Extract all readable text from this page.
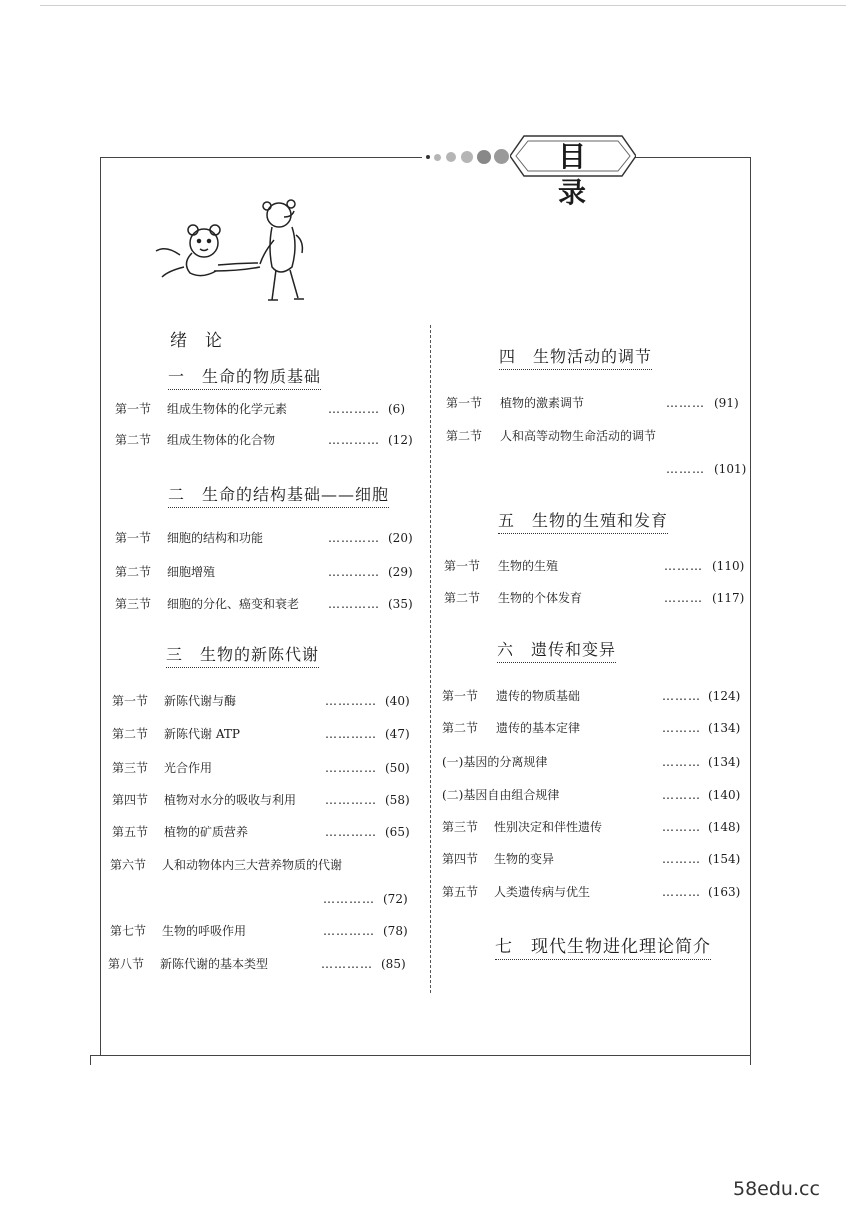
目录
绪论
一　生命的物质基础
第一节 组成生物体的化学元素	………… (6)
第二节 组成生物体的化合物	………… (12)
二　生命的结构基础——细胞
第一节 细胞的结构和功能	………… (20)
第二节 细胞增殖	………… (29)
第三节 细胞的分化、癌变和衰老 ………… (35)
三　生物的新陈代谢
第一节 新陈代谢与酶	………… (40)
第二节 新陈代谢 ATP	………… (47)
第三节 光合作用	………… (50)
第四节 植物对水分的吸收与利用 ………… (58)
第五节 植物的矿质营养	………… (65)
第六节 人和动物体内三大营养物质的代谢
………… (72)
第七节 生物的呼吸作用	………… (78)
第八节 新陈代谢的基本类型	………… (85)
四　生物活动的调节
第一节 植物的激素调节	……… (91)
第二节 人和高等动物生命活动的调节
……… (101)
五　生物的生殖和发育
第一节 生物的生殖	……… (110)
第二节 生物的个体发育	……… (117)
六　遗传和变异
第一节 遗传的物质基础	……… (124)
第二节 遗传的基本定律	……… (134)
(一)基因的分离规律	……… (134)
(二)基因自由组合规律	……… (140)
第三节 性别决定和伴性遗传	……… (148)
第四节 生物的变异	……… (154)
第五节 人类遗传病与优生	……… (163)
七　现代生物进化理论简介
58edu.cc
